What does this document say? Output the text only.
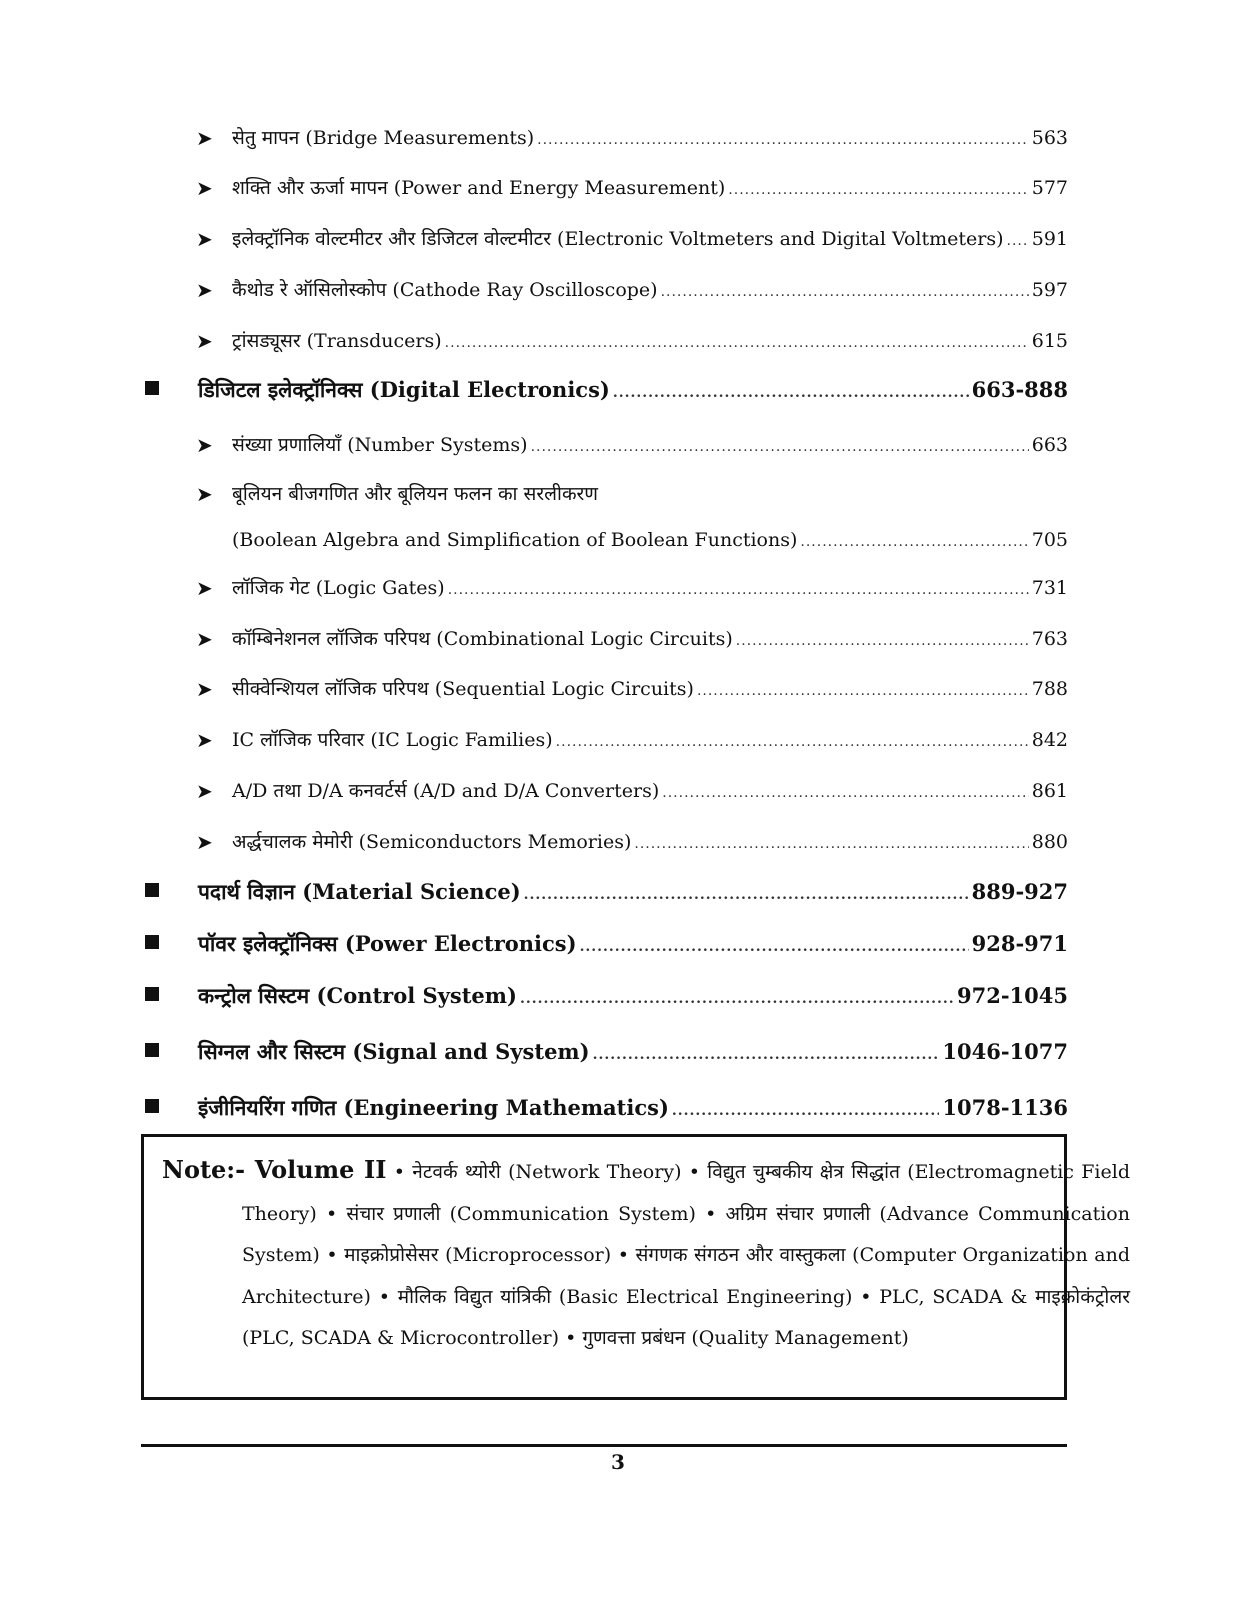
➤ सेतु मापन (Bridge Measurements) .....	563
➤ शक्ति और ऊर्जा मापन (Power and Energy Measurement) .....	577
➤ इलेक्ट्रॉनिक वोल्टमीटर और डिजिटल वोल्टमीटर (Electronic Voltmeters and Digital Voltmeters) ..... 591
➤ कैथोड रे ऑसिलोस्कोप (Cathode Ray Oscilloscope) .....	597
➤ ट्रांसड्यूसर (Transducers) .....	615
डिजिटल इलेक्ट्रॉनिक्स (Digital Electronics) .....	663-888
➤ संख्या प्रणालियाँ (Number Systems) .....	663
➤ बूलियन बीजगणित और बूलियन फलन का सरलीकरण
(Boolean Algebra and Simplification of Boolean Functions) .....	705
➤ लॉजिक गेट (Logic Gates) .....	731
➤ कॉम्बिनेशनल लॉजिक परिपथ (Combinational Logic Circuits) .....	763
➤ सीक्वेन्शियल लॉजिक परिपथ (Sequential Logic Circuits) .....	788
➤ IC लॉजिक परिवार (IC Logic Families) .....	842
➤ A/D तथा D/A कनवर्टर्स (A/D and D/A Converters) .....	861
➤ अर्द्धचालक मेमोरी (Semiconductors Memories) .....	880
पदार्थ विज्ञान (Material Science) .....	889-927
पॉवर इलेक्ट्रॉनिक्स (Power Electronics) .....	928-971
कन्ट्रोल सिस्टम (Control System) .....	972-1045
सिग्नल और सिस्टम (Signal and System) .....	1046-1077
इंजीनियरिंग गणित (Engineering Mathematics) .....	1078-1136
Note:- Volume II • नेटवर्क थ्योरी (Network Theory) • विद्युत चुम्बकीय क्षेत्र सिद्धांत (Electromagnetic Field Theory) • संचार प्रणाली (Communication System) • अग्रिम संचार प्रणाली (Advance Communication System) • माइक्रोप्रोसेसर (Microprocessor) • संगणक संगठन और वास्तुकला (Computer Organization and Architecture) • मौलिक विद्युत यांत्रिकी (Basic Electrical Engineering) • PLC, SCADA & माइक्रोकंट्रोलर (PLC, SCADA & Microcontroller) • गुणवत्ता प्रबंधन (Quality Management)
3
